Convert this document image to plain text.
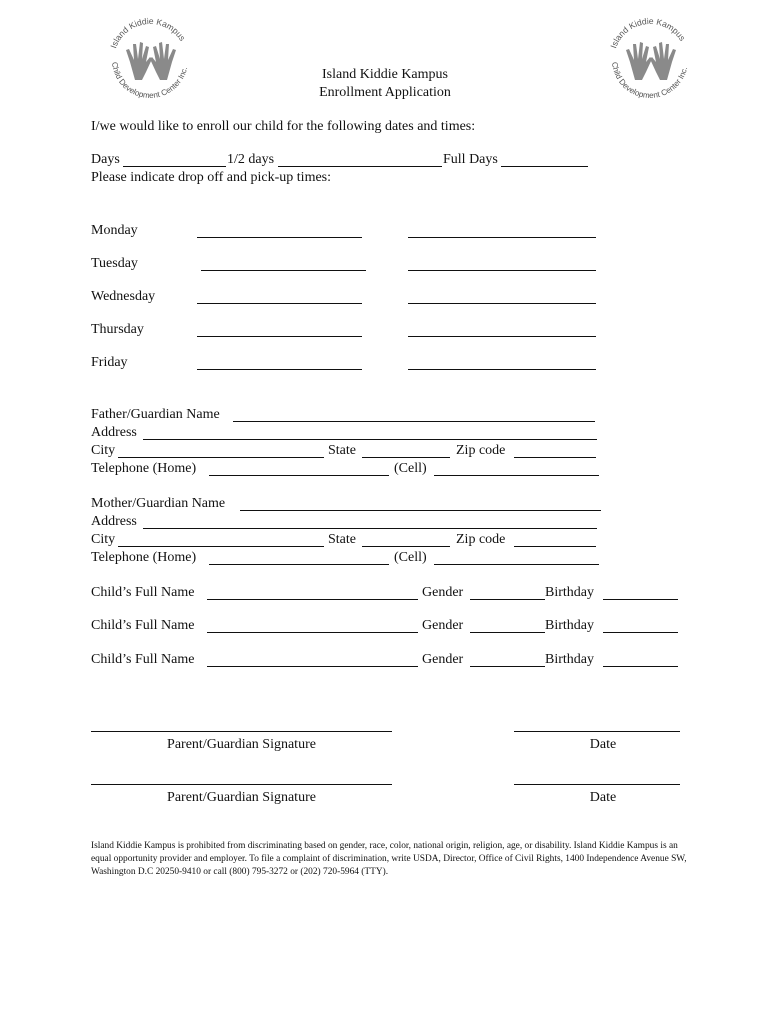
Island Kiddie Kampus
Child Development Center Inc.
Island Kiddie Kampus
Child Development Center Inc.
Island Kiddie Kampus
Enrollment Application
I/we would like to enroll our child for the following dates and times:
Days	1/2 days	Full Days
Please indicate drop off and pick-up times:
Monday
Tuesday
Wednesday
Thursday
Friday
Father/Guardian Name
Address
City	State	Zip code
Telephone (Home)	(Cell)
Mother/Guardian Name
Address
City	State	Zip code
Telephone (Home)	(Cell)
Child’s Full Name	Gender	Birthday
Child’s Full Name	Gender	Birthday
Child’s Full Name	Gender	Birthday
Parent/Guardian Signature	Date
Parent/Guardian Signature	Date
Island Kiddie Kampus is prohibited from discriminating based on gender, race, color, national origin, religion, age, or disability. Island Kiddie Kampus is an equal opportunity provider and employer. To file a complaint of discrimination, write USDA, Director, Office of Civil Rights, 1400 Independence Avenue SW, Washington D.C 20250-9410 or call (800) 795-3272 or (202) 720-5964 (TTY).
